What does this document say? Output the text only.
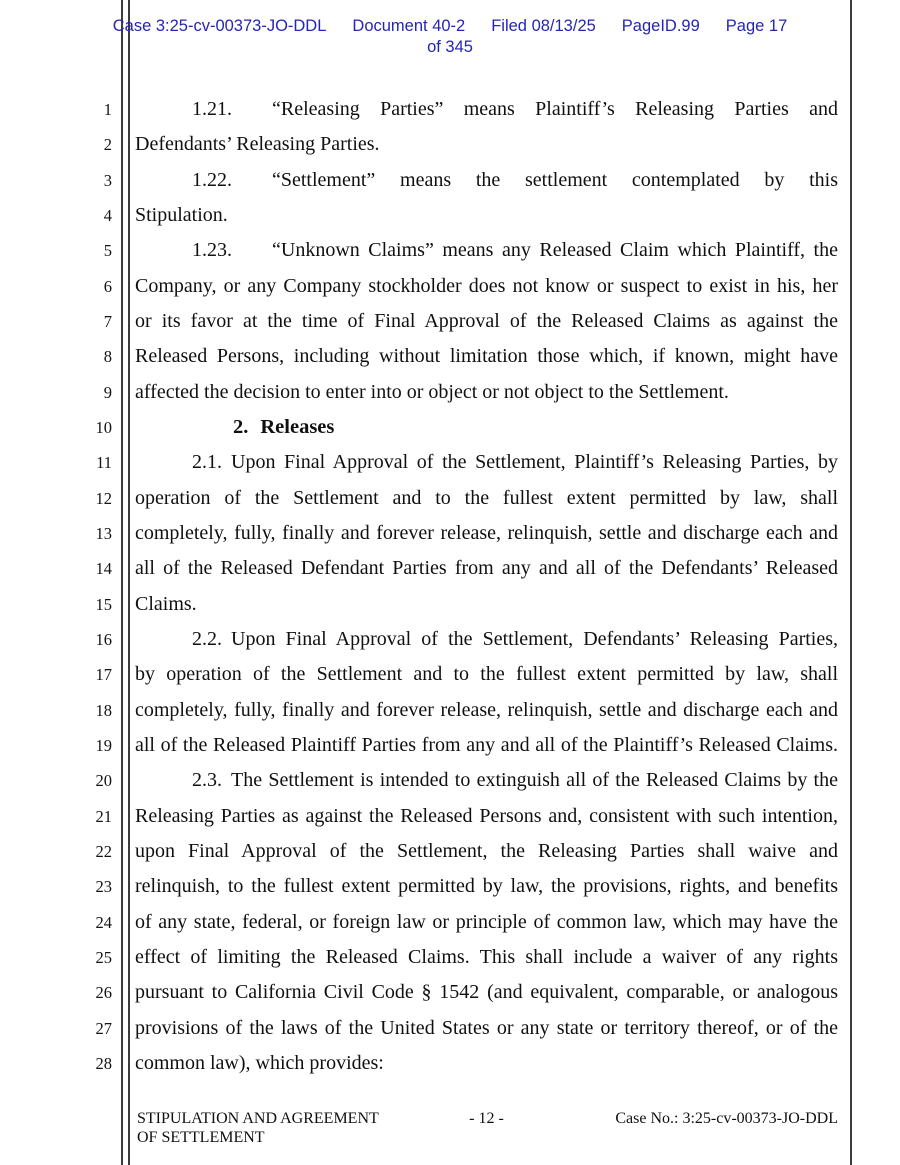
Case 3:25-cv-00373-JO-DDL Document 40-2 Filed 08/13/25 PageID.99 Page 17
of 345
1
2
3
4
5
6
7
8
9
10
11
12
13
14
15
16
17
18
19
20
21
22
23
24
25
26
27
28
1.21. “Releasing Parties” means Plaintiff’s Releasing Parties and
Defendants’ Releasing Parties.
1.22. “Settlement” means the settlement contemplated by this
Stipulation.
1.23. “Unknown Claims” means any Released Claim which Plaintiff, the
Company, or any Company stockholder does not know or suspect to exist in his, her
or its favor at the time of Final Approval of the Released Claims as against the
Released Persons, including without limitation those which, if known, might have
affected the decision to enter into or object or not object to the Settlement.
2. Releases
2.1. Upon Final Approval of the Settlement, Plaintiff’s Releasing Parties, by
operation of the Settlement and to the fullest extent permitted by law, shall
completely, fully, finally and forever release, relinquish, settle and discharge each and
all of the Released Defendant Parties from any and all of the Defendants’ Released
Claims.
2.2. Upon Final Approval of the Settlement, Defendants’ Releasing Parties,
by operation of the Settlement and to the fullest extent permitted by law, shall
completely, fully, finally and forever release, relinquish, settle and discharge each and
all of the Released Plaintiff Parties from any and all of the Plaintiff’s Released Claims.
2.3. The Settlement is intended to extinguish all of the Released Claims by the
Releasing Parties as against the Released Persons and, consistent with such intention,
upon Final Approval of the Settlement, the Releasing Parties shall waive and
relinquish, to the fullest extent permitted by law, the provisions, rights, and benefits
of any state, federal, or foreign law or principle of common law, which may have the
effect of limiting the Released Claims. This shall include a waiver of any rights
pursuant to California Civil Code § 1542 (and equivalent, comparable, or analogous
provisions of the laws of the United States or any state or territory thereof, or of the
common law), which provides:
STIPULATION AND AGREEMENT
OF SETTLEMENT
- 12 -	Case No.: 3:25-cv-00373-JO-DDL
